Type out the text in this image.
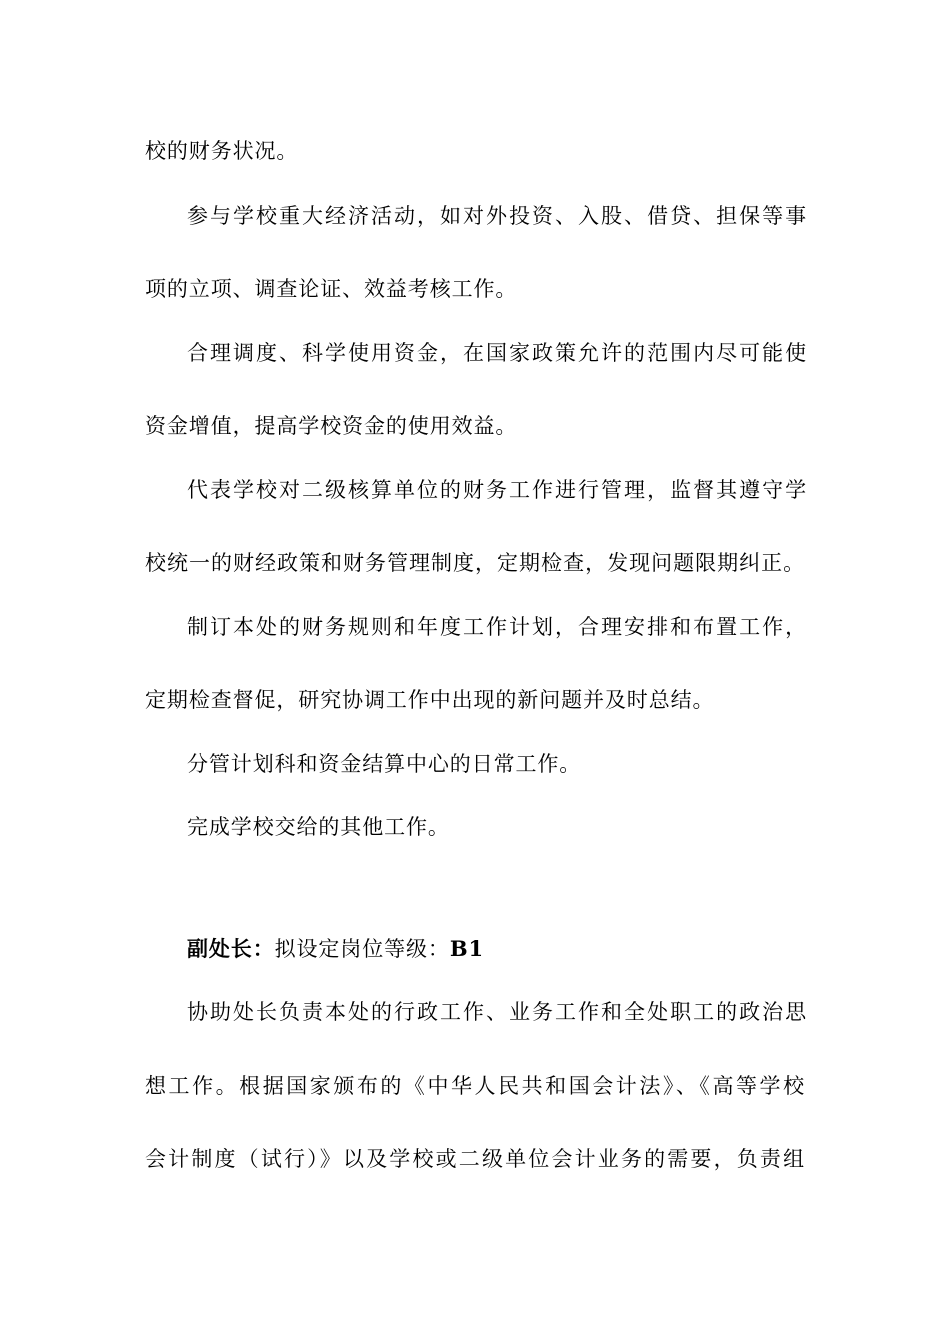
校的财务状况。
参与学校重大经济活动，如对外投资、入股、借贷、担保等事
项的立项、调查论证、效益考核工作。
合理调度、科学使用资金，在国家政策允许的范围内尽可能使
资金增值，提高学校资金的使用效益。
代表学校对二级核算单位的财务工作进行管理，监督其遵守学
校统一的财经政策和财务管理制度，定期检查，发现问题限期纠正。
制订本处的财务规则和年度工作计划，合理安排和布置工作，
定期检查督促，研究协调工作中出现的新问题并及时总结。
分管计划科和资金结算中心的日常工作。
完成学校交给的其他工作。
副处长：拟设定岗位等级：B1
协助处长负责本处的行政工作、业务工作和全处职工的政治思
想工作。根据国家颁布的《中华人民共和国会计法》、《高等学校
会计制度（试行）》以及学校或二级单位会计业务的需要，负责组
